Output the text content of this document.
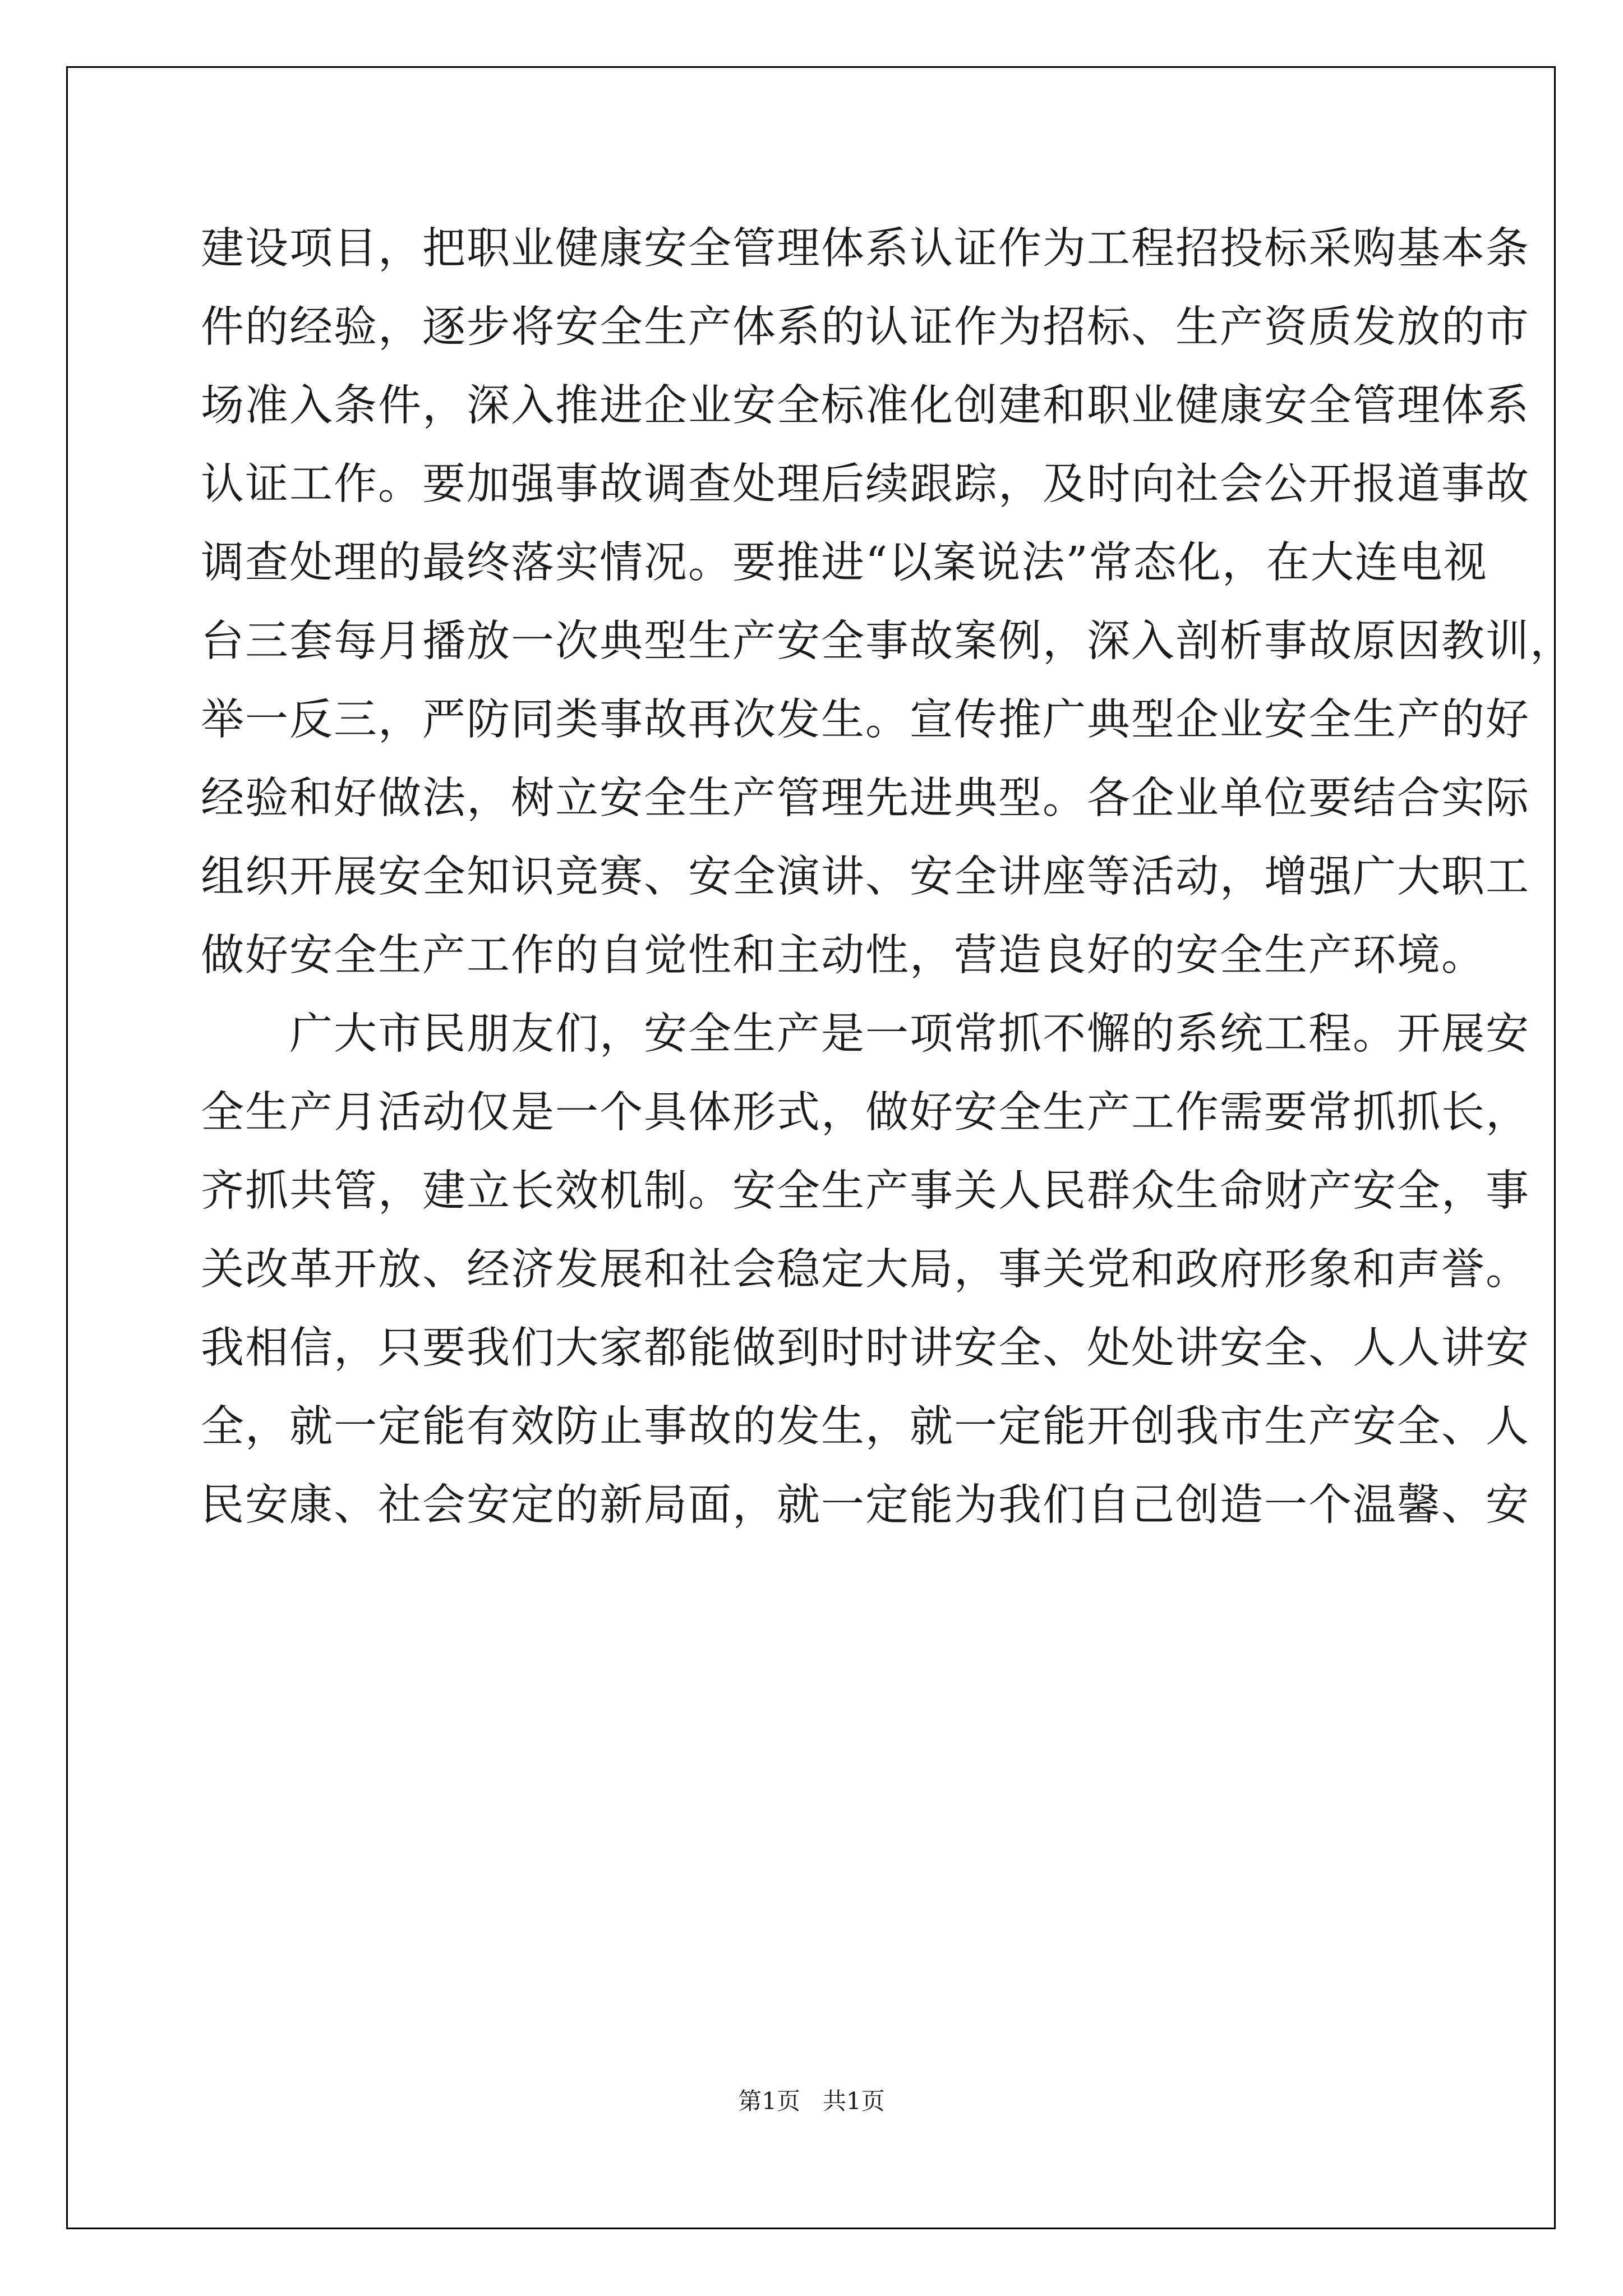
建设项目，把职业健康安全管理体系认证作为工程招投标采购基本条
件的经验，逐步将安全生产体系的认证作为招标、生产资质发放的市
场准入条件，深入推进企业安全标准化创建和职业健康安全管理体系
认证工作。要加强事故调查处理后续跟踪，及时向社会公开报道事故
调查处理的最终落实情况。要推进“以案说法”常态化，在大连电视
台三套每月播放一次典型生产安全事故案例，深入剖析事故原因教训，
举一反三，严防同类事故再次发生。宣传推广典型企业安全生产的好
经验和好做法，树立安全生产管理先进典型。各企业单位要结合实际
组织开展安全知识竞赛、安全演讲、安全讲座等活动，增强广大职工
做好安全生产工作的自觉性和主动性，营造良好的安全生产环境。
　　广大市民朋友们，安全生产是一项常抓不懈的系统工程。开展安
全生产月活动仅是一个具体形式，做好安全生产工作需要常抓抓长，
齐抓共管，建立长效机制。安全生产事关人民群众生命财产安全，事
关改革开放、经济发展和社会稳定大局，事关党和政府形象和声誉。
我相信，只要我们大家都能做到时时讲安全、处处讲安全、人人讲安
全，就一定能有效防止事故的发生，就一定能开创我市生产安全、人
民安康、社会安定的新局面，就一定能为我们自己创造一个温馨、安
第1页   共1页
